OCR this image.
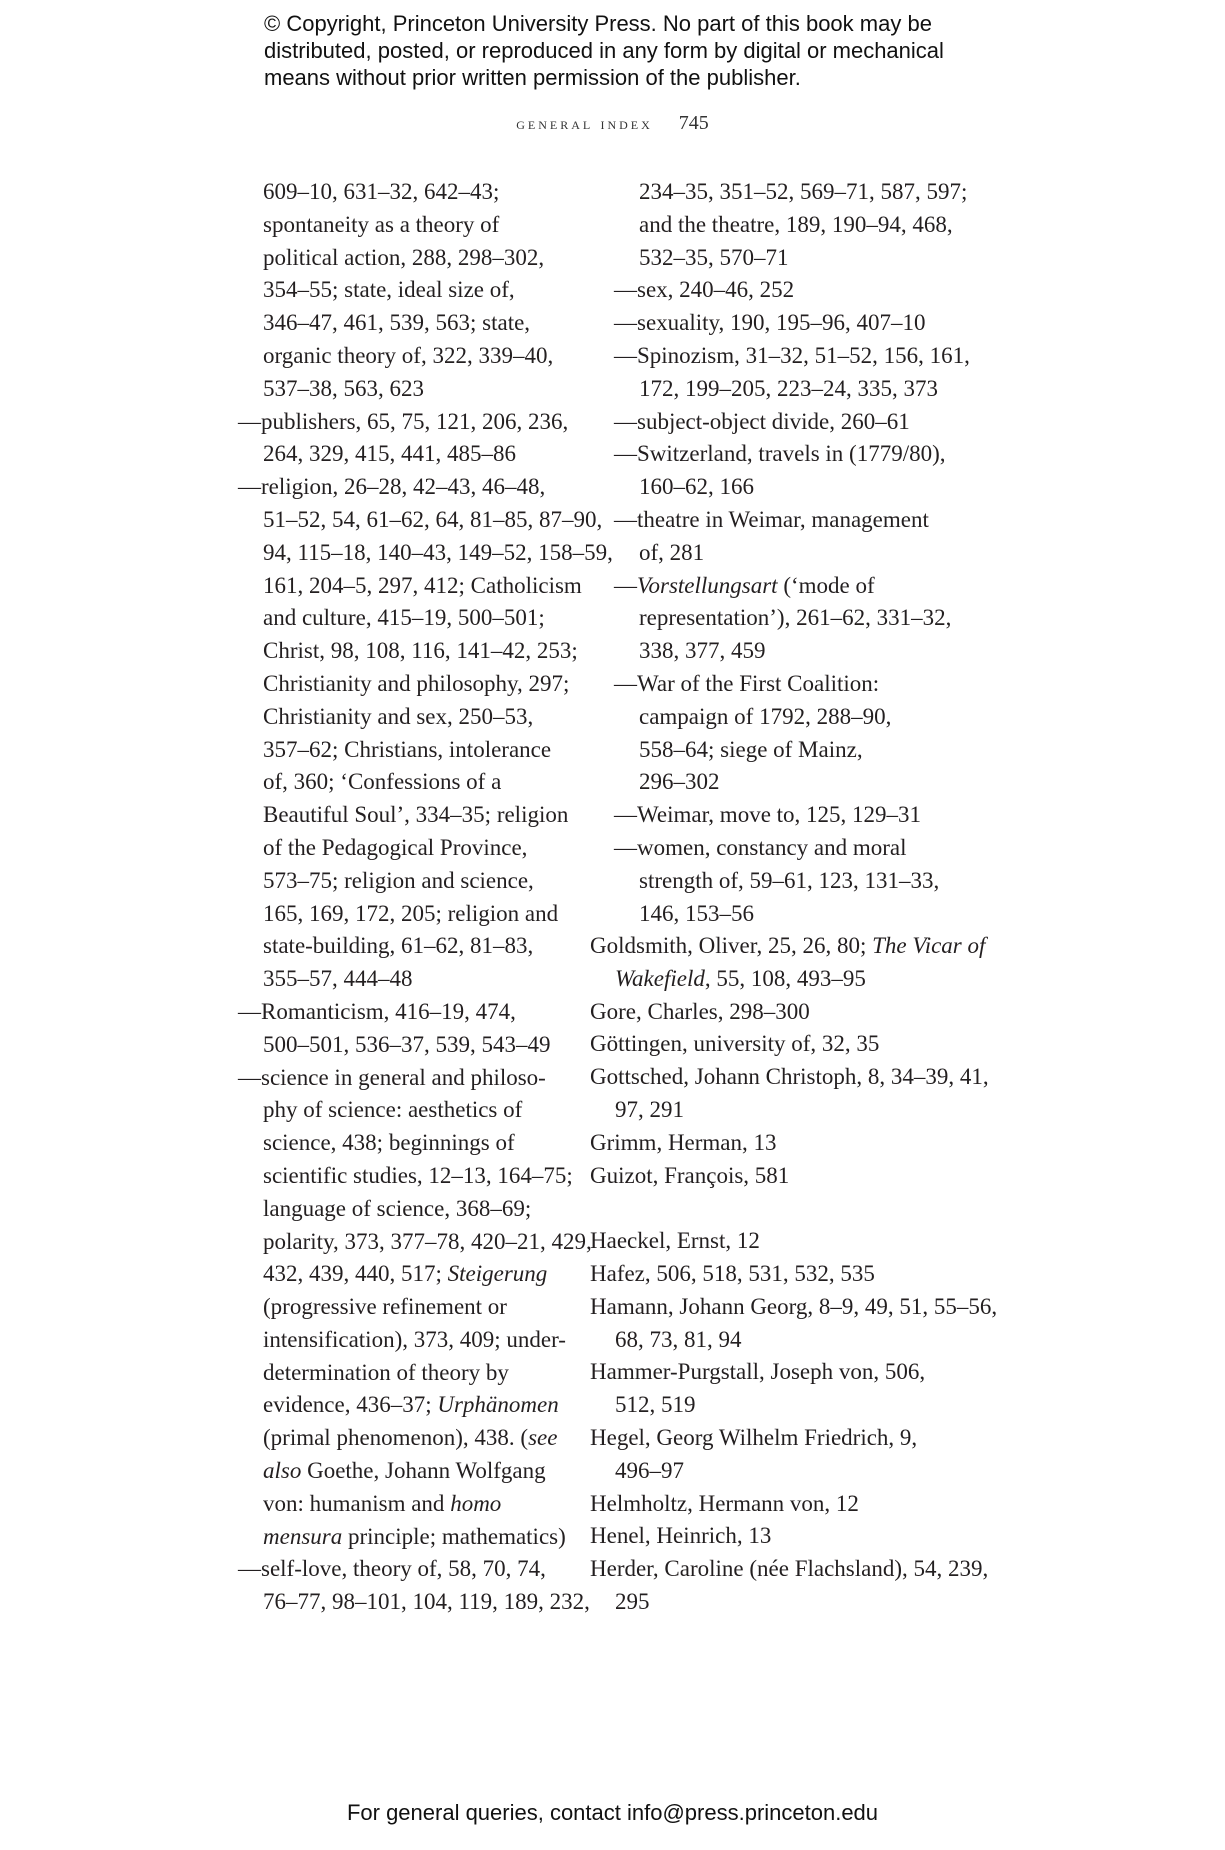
© Copyright, Princeton University Press. No part of this book may be
distributed, posted, or reproduced in any form by digital or mechanical
means without prior written permission of the publisher.
general index 745
609–10, 631–32, 642–43;
spontaneity as a theory of
political action, 288, 298–302,
354–55; state, ideal size of,
346–47, 461, 539, 563; state,
organic theory of, 322, 339–40,
537–38, 563, 623
—publishers, 65, 75, 121, 206, 236,
264, 329, 415, 441, 485–86
—religion, 26–28, 42–43, 46–48,
51–52, 54, 61–62, 64, 81–85, 87–90,
94, 115–18, 140–43, 149–52, 158–59,
161, 204–5, 297, 412; Catholicism
and culture, 415–19, 500–501;
Christ, 98, 108, 116, 141–42, 253;
Christianity and philosophy, 297;
Christianity and sex, 250–53,
357–62; Christians, intolerance
of, 360; ‘Confessions of a
Beautiful Soul’, 334–35; religion
of the Pedagogical Province,
573–75; religion and science,
165, 169, 172, 205; religion and
state-building, 61–62, 81–83,
355–57, 444–48
—Romanticism, 416–19, 474,
500–501, 536–37, 539, 543–49
—science in general and philoso-
phy of science: aesthetics of
science, 438; beginnings of
scientific studies, 12–13, 164–75;
language of science, 368–69;
polarity, 373, 377–78, 420–21, 429,
432, 439, 440, 517; Steigerung
(progressive refinement or
intensification), 373, 409; under-
determination of theory by
evidence, 436–37; Urphänomen
(primal phenomenon), 438. (see
also Goethe, Johann Wolfgang
von: humanism and homo
mensura principle; mathematics)
—self-love, theory of, 58, 70, 74,
76–77, 98–101, 104, 119, 189, 232,
234–35, 351–52, 569–71, 587, 597;
and the theatre, 189, 190–94, 468,
532–35, 570–71
—sex, 240–46, 252
—sexuality, 190, 195–96, 407–10
—Spinozism, 31–32, 51–52, 156, 161,
172, 199–205, 223–24, 335, 373
—subject-object divide, 260–61
—Switzerland, travels in (1779/80),
160–62, 166
—theatre in Weimar, management
of, 281
—Vorstellungsart (‘mode of
representation’), 261–62, 331–32,
338, 377, 459
—War of the First Coalition:
campaign of 1792, 288–90,
558–64; siege of Mainz,
296–302
—Weimar, move to, 125, 129–31
—women, constancy and moral
strength of, 59–61, 123, 131–33,
146, 153–56
Goldsmith, Oliver, 25, 26, 80; The Vicar of
Wakefield, 55, 108, 493–95
Gore, Charles, 298–300
Göttingen, university of, 32, 35
Gottsched, Johann Christoph, 8, 34–39, 41,
97, 291
Grimm, Herman, 13
Guizot, François, 581
Haeckel, Ernst, 12
Hafez, 506, 518, 531, 532, 535
Hamann, Johann Georg, 8–9, 49, 51, 55–56,
68, 73, 81, 94
Hammer-Purgstall, Joseph von, 506,
512, 519
Hegel, Georg Wilhelm Friedrich, 9,
496–97
Helmholtz, Hermann von, 12
Henel, Heinrich, 13
Herder, Caroline (née Flachsland), 54, 239,
295
For general queries, contact info@press.princeton.edu
